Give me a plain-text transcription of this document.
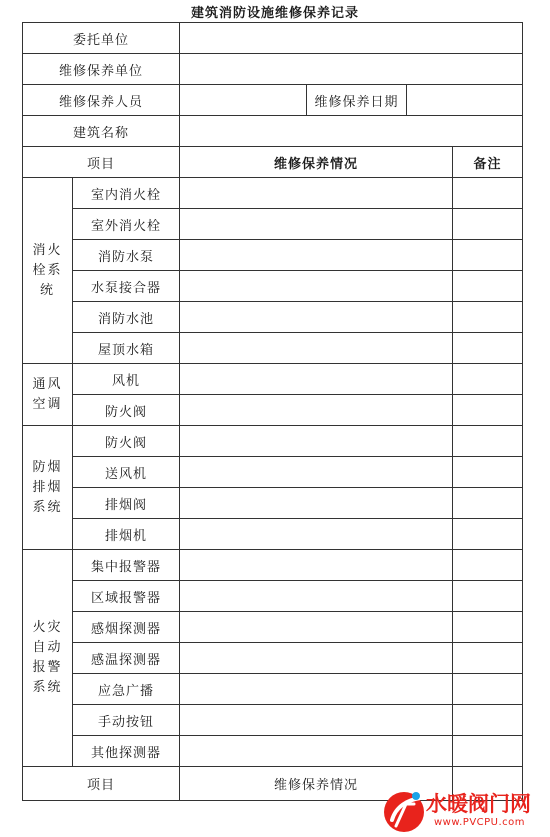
建筑消防设施维修保养记录
委托单位					
维修保养单位					
维修保养人员			维修保养日期		
建筑名称					
项目		维修保养情况			备注
消火栓系统	室内消火栓				
	室外消火栓				
	消防水泵				
	水泵接合器				
	消防水池				
	屋顶水箱				
通风空调	风机				
	防火阀				
防烟排烟系统	防火阀				
	送风机				
	排烟阀				
	排烟机				
火灾自动报警系统	集中报警器				
	区域报警器				
	感烟探测器				
	感温探测器				
	应急广播				
	手动按钮				
	其他探测器				
项目		维修保养情况			
水暖阀门网
www.PVCPU.com
